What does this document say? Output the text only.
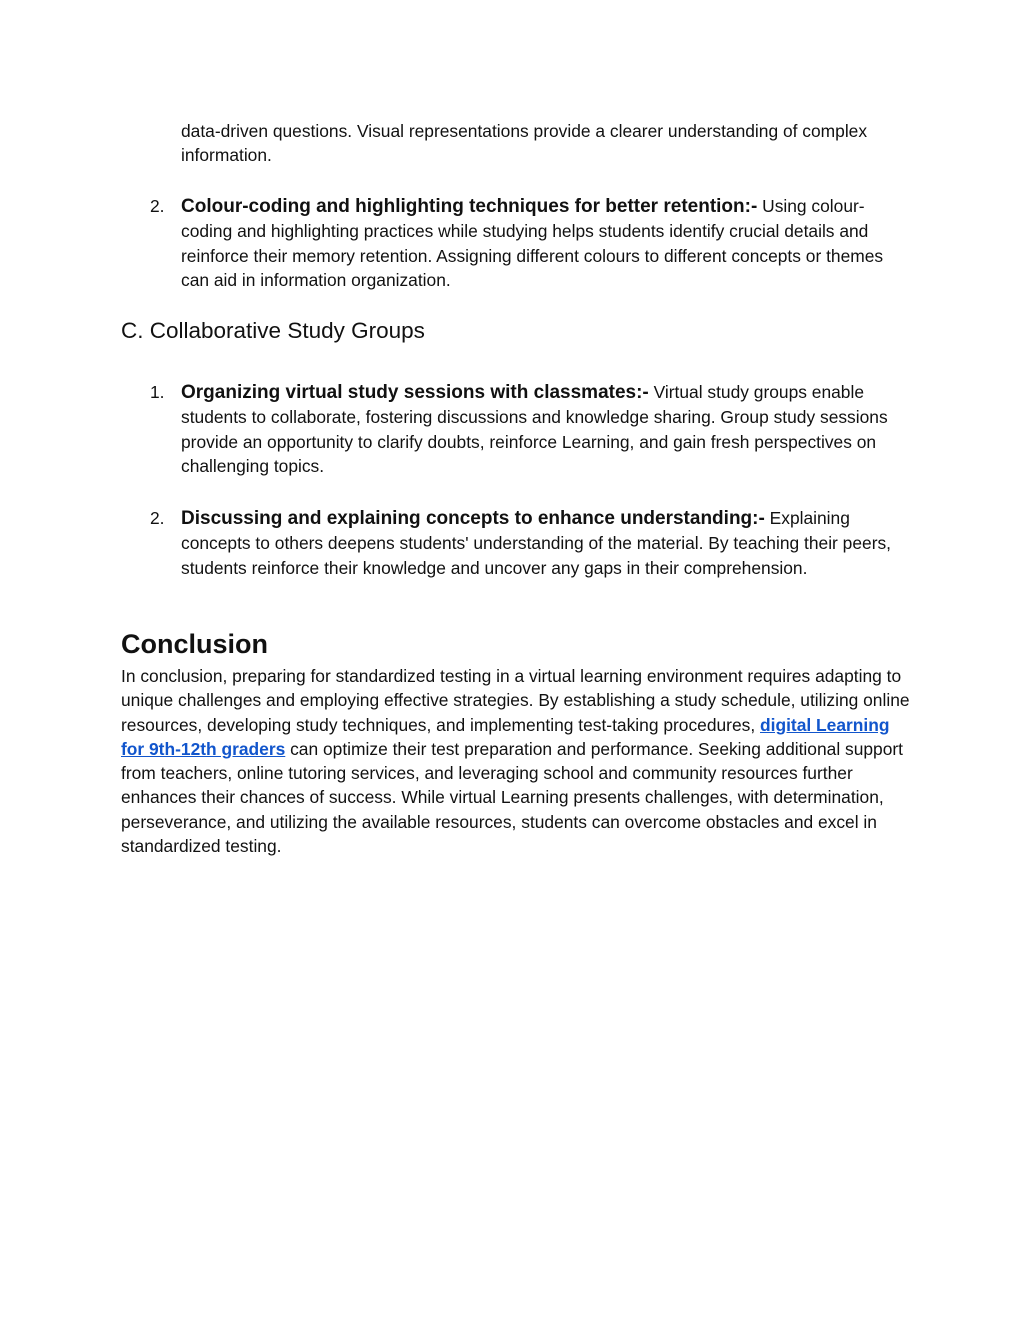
data-driven questions. Visual representations provide a clearer understanding of complex information.
2. Colour-coding and highlighting techniques for better retention:- Using colour-coding and highlighting practices while studying helps students identify crucial details and reinforce their memory retention. Assigning different colours to different concepts or themes can aid in information organization.
C. Collaborative Study Groups
1. Organizing virtual study sessions with classmates:- Virtual study groups enable students to collaborate, fostering discussions and knowledge sharing. Group study sessions provide an opportunity to clarify doubts, reinforce Learning, and gain fresh perspectives on challenging topics.
2. Discussing and explaining concepts to enhance understanding:- Explaining concepts to others deepens students' understanding of the material. By teaching their peers, students reinforce their knowledge and uncover any gaps in their comprehension.
Conclusion

In conclusion, preparing for standardized testing in a virtual learning environment requires adapting to unique challenges and employing effective strategies. By establishing a study schedule, utilizing online resources, developing study techniques, and implementing test-taking procedures, digital Learning for 9th-12th graders can optimize their test preparation and performance. Seeking additional support from teachers, online tutoring services, and leveraging school and community resources further enhances their chances of success. While virtual Learning presents challenges, with determination, perseverance, and utilizing the available resources, students can overcome obstacles and excel in standardized testing.
